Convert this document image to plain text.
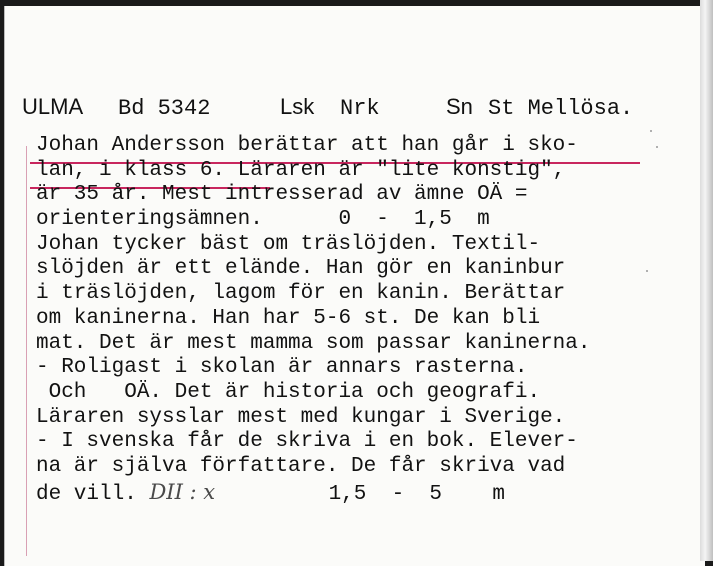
ULMA Bd 5342	Lsk Nrk	Sn St Mellösa.
Johan Andersson berättar att han går i sko-
lan, i klass 6. Läraren är "lite konstig",
är 35 år. Mest intresserad av ämne OÄ =
orienteringsämnen.      0  -  1,5  m
Johan tycker bäst om träslöjden. Textil-
slöjden är ett elände. Han gör en kaninbur
i träslöjden, lagom för en kanin. Berättar
om kaninerna. Han har 5-6 st. De kan bli
mat. Det är mest mamma som passar kaninerna.
- Roligast i skolan är annars rasterna.
Och   OÄ. Det är historia och geografi.
Läraren sysslar mest med kungar i Sverige.
- I svenska får de skriva i en bok. Elever-
na är själva författare. De får skriva vad
de vill. DII : x	1,5  -  5    m
